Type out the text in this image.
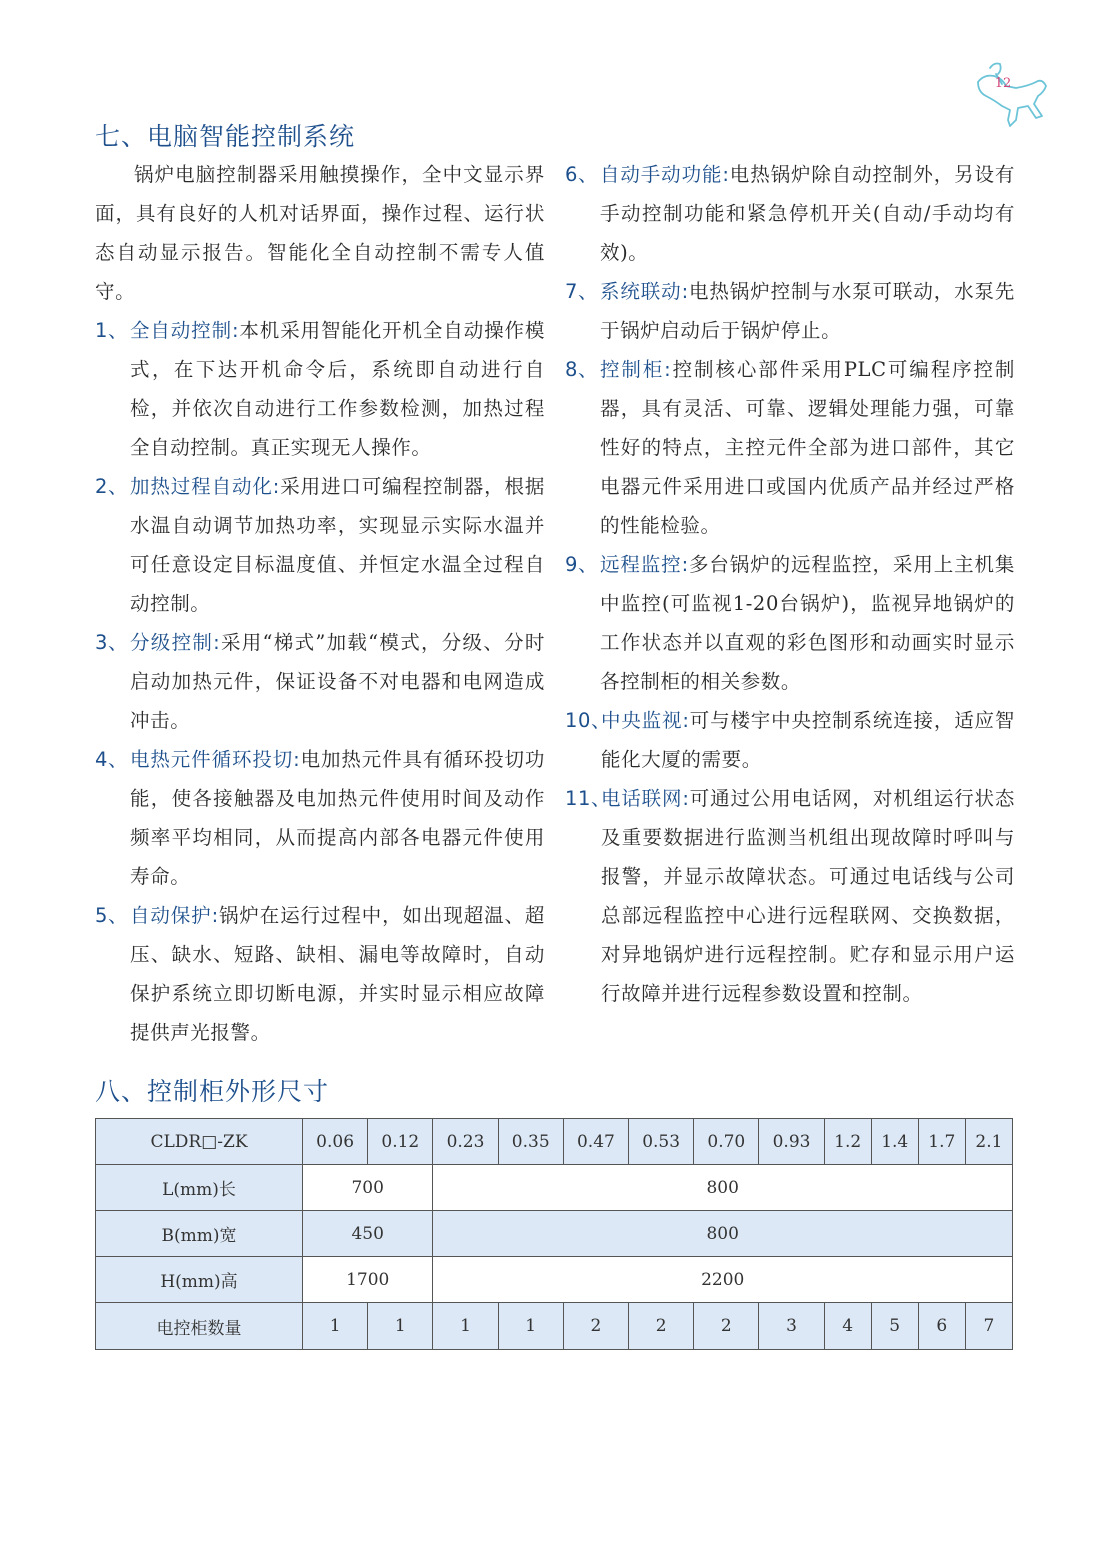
12
七、电脑智能控制系统

锅炉电脑控制器采用触摸操作，全中文显示界面，具有良好的人机对话界面，操作过程、运行状态自动显示报告。智能化全自动控制不需专人值守。

1、 全自动控制:本机采用智能化开机全自动操作模式，在下达开机命令后，系统即自动进行自检，并依次自动进行工作参数检测，加热过程全自动控制。真正实现无人操作。
2、 加热过程自动化:采用进口可编程控制器，根据水温自动调节加热功率，实现显示实际水温并可任意设定目标温度值、并恒定水温全过程自动控制。
3、 分级控制:采用“梯式”加载“模式，分级、分时启动加热元件，保证设备不对电器和电网造成冲击。
4、 电热元件循环投切:电加热元件具有循环投切功能，使各接触器及电加热元件使用时间及动作频率平均相同，从而提高内部各电器元件使用寿命。
5、 自动保护:锅炉在运行过程中，如出现超温、超压、缺水、短路、缺相、漏电等故障时，自动保护系统立即切断电源，并实时显示相应故障提供声光报警。
6、 自动手动功能:电热锅炉除自动控制外，另设有手动控制功能和紧急停机开关(自动/手动均有效)。
7、 系统联动:电热锅炉控制与水泵可联动，水泵先于锅炉启动后于锅炉停止。
8、 控制柜:控制核心部件采用PLC可编程序控制器，具有灵活、可靠、逻辑处理能力强，可靠性好的特点，主控元件全部为进口部件，其它电器元件采用进口或国内优质产品并经过严格的性能检验。
9、 远程监控:多台锅炉的远程监控，采用上主机集中监控(可监视1-20台锅炉)，监视异地锅炉的工作状态并以直观的彩色图形和动画实时显示各控制柜的相关参数。
10、
中央监视:可与楼宇中央控制系统连接，适应智能化大厦的需要。
11、
电话联网:可通过公用电话网，对机组运行状态及重要数据进行监测当机组出现故障时呼叫与报警，并显示故障状态。可通过电话线与公司总部远程监控中心进行远程联网、交换数据，对异地锅炉进行远程控制。贮存和显示用户运行故障并进行远程参数设置和控制。
八、控制柜外形尺寸
CLDR□-ZK	0.06	0.12	0.23	0.35	0.47	0.53	0.70	0.93	1.2	1.4	1.7	2.1
L(mm)长	700		800									
B(mm)宽	450		800									
H(mm)高	1700		2200									
电控柜数量	1	1	1	1	2	2	2	3	4	5	6	7
